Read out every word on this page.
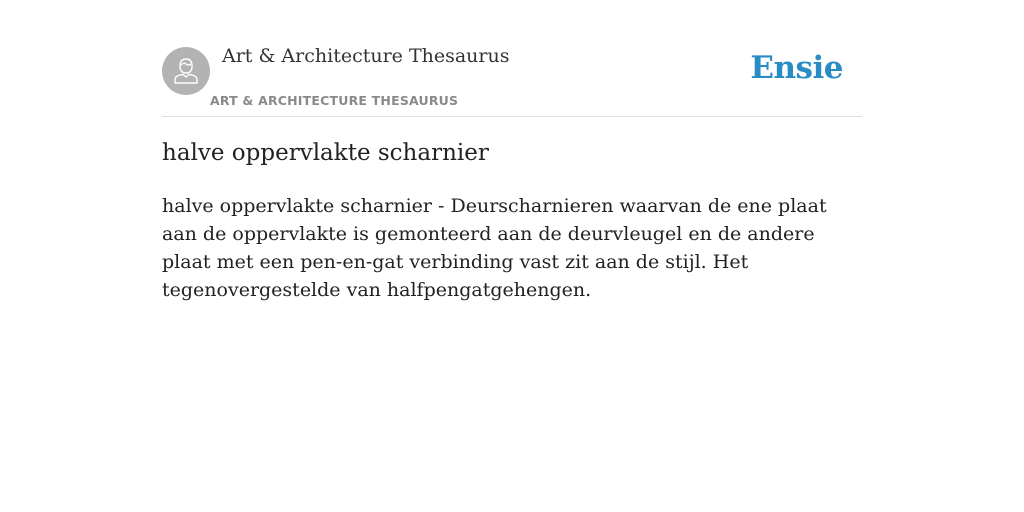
Art & Architecture Thesaurus
ART & ARCHITECTURE THESAURUS
Ensie
halve oppervlakte scharnier

halve oppervlakte scharnier - Deurscharnieren waarvan de ene plaat aan de oppervlakte is gemonteerd aan de deurvleugel en de andere plaat met een pen-en-gat verbinding vast zit aan de stijl. Het tegenovergestelde van halfpengatgehengen.
